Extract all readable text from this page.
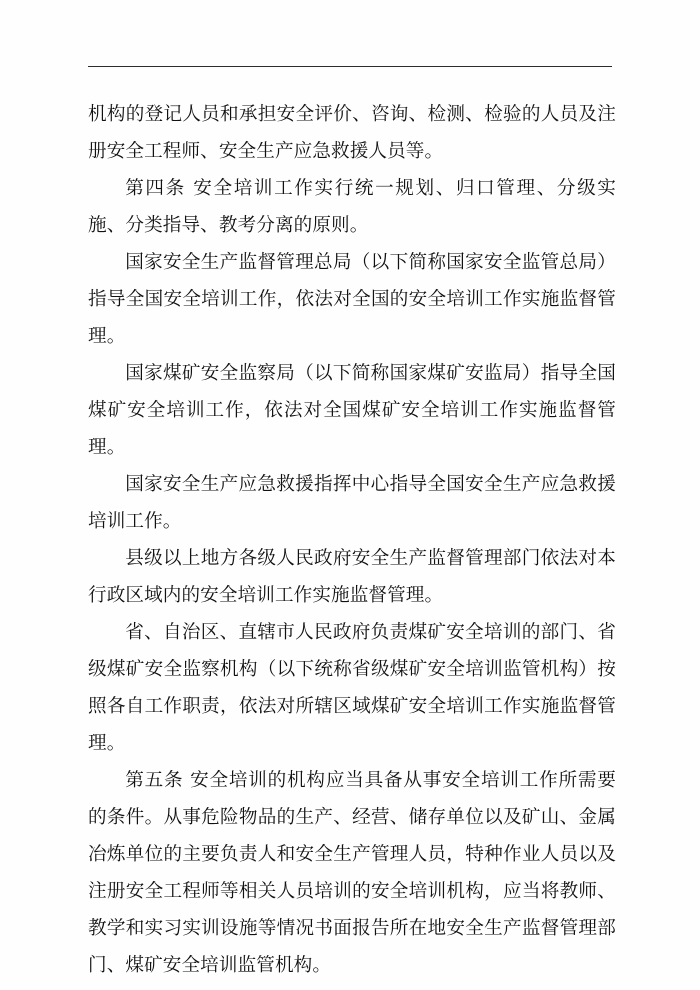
机构的登记人员和承担安全评价、咨询、检测、检验的人员及注册安全工程师、安全生产应急救援人员等。

第四条 安全培训工作实行统一规划、归口管理、分级实施、分类指导、教考分离的原则。

国家安全生产监督管理总局（以下简称国家安全监管总局）指导全国安全培训工作，依法对全国的安全培训工作实施监督管理。

国家煤矿安全监察局（以下简称国家煤矿安监局）指导全国煤矿安全培训工作，依法对全国煤矿安全培训工作实施监督管理。

国家安全生产应急救援指挥中心指导全国安全生产应急救援培训工作。

县级以上地方各级人民政府安全生产监督管理部门依法对本行政区域内的安全培训工作实施监督管理。

省、自治区、直辖市人民政府负责煤矿安全培训的部门、省级煤矿安全监察机构（以下统称省级煤矿安全培训监管机构）按照各自工作职责，依法对所辖区域煤矿安全培训工作实施监督管理。

第五条 安全培训的机构应当具备从事安全培训工作所需要的条件。从事危险物品的生产、经营、储存单位以及矿山、金属冶炼单位的主要负责人和安全生产管理人员，特种作业人员以及注册安全工程师等相关人员培训的安全培训机构，应当将教师、教学和实习实训设施等情况书面报告所在地安全生产监督管理部门、煤矿安全培训监管机构。
